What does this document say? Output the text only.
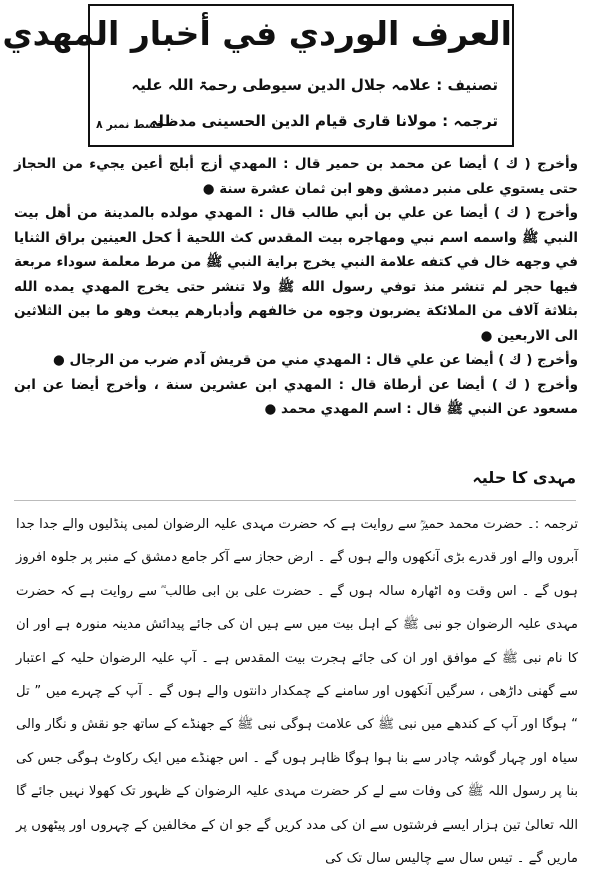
العرف الوردي في أخبار المهدي
تصنیف : علامہ جلال الدین سیوطی رحمۃ اللہ علیہ
ترجمہ : مولانا قاری قیام الدین الحسینی مدظلہ
قسط نمبر ۸

وأخرج ( ك ) أيضا عن محمد بن حمير قال : المهدي أزج أبلج أعين يجيء من الحجاز حتى يستوي على منبر دمشق وهو ابن ثمان عشرة سنة ●

وأخرج ( ك ) أيضا عن علي بن أبي طالب قال : المهدي مولده بالمدينة من أهل بيت النبي ﷺ واسمه اسم نبي ومهاجره بيت المقدس كث اللحية أ كحل العينين براق الثنايا في وجهه خال في كتفه علامة النبي يخرج براية النبي ﷺ من مرط معلمة سوداء مربعة فيها حجر لم تنشر منذ توفي رسول الله ﷺ ولا تنشر حتى يخرج المهدي يمده الله بثلاثة آلاف من الملائكة يضربون وجوه من خالفهم وأدبارهم يبعث وهو ما بين الثلاثين الى الاربعين ●

وأخرج ( ك ) أيضا عن علي قال : المهدي مني من قريش آدم ضرب من الرجال ●

وأخرج ( ك ) أيضا عن أرطاة قال : المهدي ابن عشرين سنة ، وأخرج أيضا عن ابن مسعود عن النبي ﷺ قال : اسم المهدي محمد ●

مہدی کا حلیہ

ترجمہ :۔ حضرت محمد حمیرؒ سے روایت ہے کہ حضرت مہدی علیہ الرضوان لمبی پنڈلیوں والے جدا جدا آبروں والے اور قدرے بڑی آنکھوں والے ہوں گے ۔ ارض حجاز سے آکر جامع دمشق کے منبر پر جلوہ افروز ہوں گے ۔ اس وقت وہ اٹھارہ سالہ ہوں گے ۔ حضرت علی بن ابی طالب ؓ سے روایت ہے کہ حضرت مہدی علیہ الرضوان جو نبی ﷺ کے اہل بیت میں سے ہیں ان کی جائے پیدائش مدینہ منورہ ہے اور ان کا نام نبی ﷺ کے موافق اور ان کی جائے ہجرت بیت المقدس ہے ۔ آپ علیہ الرضوان حلیہ کے اعتبار سے گھنی داڑھی ، سرگیں آنکھوں اور سامنے کے چمکدار دانتوں والے ہوں گے ۔ آپ کے چہرے میں ” تل “ ہوگا اور آپ کے کندھے میں نبی ﷺ کی علامت ہوگی نبی ﷺ کے جھنڈے کے ساتھ جو نقش و نگار والی سیاہ اور چہار گوشہ چادر سے بنا ہوا ہوگا ظاہر ہوں گے ۔ اس جھنڈے میں ایک رکاوٹ ہوگی جس کی بنا پر رسول اللہ ﷺ کی وفات سے لے کر حضرت مہدی علیہ الرضوان کے ظہور تک کھولا نہیں جائے گا اللہ تعالیٰ تین ہزار ایسے فرشتوں سے ان کی مدد کریں گے جو ان کے مخالفین کے چہروں اور پیٹھوں پر ماریں گے ۔ تیس سال سے چالیس سال تک کی
